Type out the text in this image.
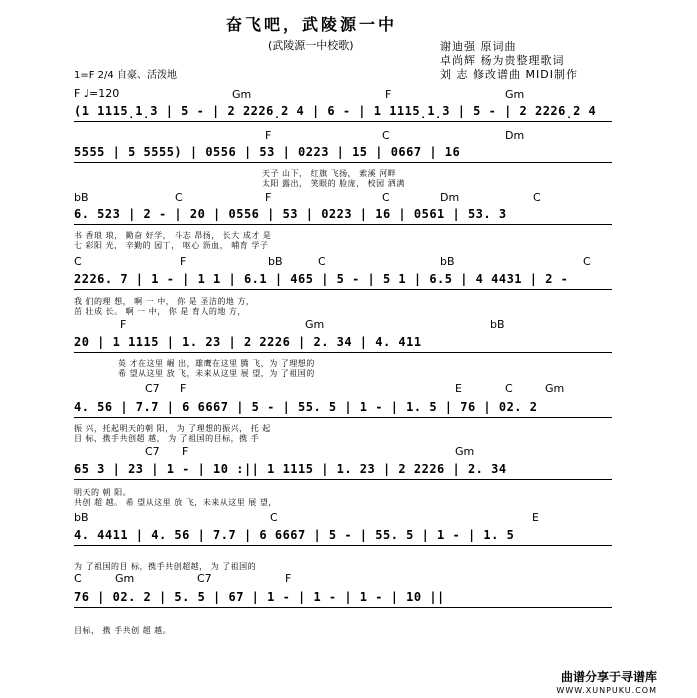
奋飞吧，武陵源一中
(武陵源一中校歌)	谢迪强 原词曲
卓尚辉 杨为贵整理歌词
刘 志 修改谱曲 MIDI制作
1=F 2/4 自豪、活泼地
F ♩=120	Gm	F	Gm
(1 1115̣1̣3 | 5 - | 2 2226̣2 4 | 6 - | 1 1115̣1̣3 | 5 - | 2 2226̣2 4
F	C	Dm
5555 | 5 5555) | 0556 | 53 | 0223 | 15 | 0667 | 16
天子 山下， 红旗 飞扬， 索溪 河畔
太阳 露出， 笑眼的 脸庞， 校园 洒满
bB	C	F	C	Dm	C
6. 523 | 2 - | 20 | 0556 | 53 | 0223 | 16 | 0561 | 53. 3
书 香琅 琅， 勤奋 好学， 斗志 昂扬， 长大 成才 是
七 彩阳 光， 辛勤的 园丁， 呕心 沥血， 哺育 学子
C	F	bB	C	bB	C
2226. 7 | 1 - | 1 1 | 6.1 | 465 | 5 - | 5 1 | 6.5 | 4 4431 | 2 -
我 们的理 想， 啊 一 中， 你 是 圣洁的地 方，
茁 壮成 长。 啊 一 中， 你 是 育人的地 方，
F	Gm	bB
20 | 1 1115 | 1. 23 | 2 2226 | 2. 34 | 4. 411
英 才在这里 崛 出，雄鹰在这里 腾 飞，为 了理想的
希 望从这里 放 飞，未来从这里 展 望，为 了祖国的
C7 F	E	C	Gm
4. 56 | 7.7 | 6 6667 | 5 - | 55. 5 | 1 - | 1. 5 | 76 | 02. 2
振 兴，托起明天的朝 阳， 为 了理想的振兴， 托 起
目 标，携手共创超 越， 为 了祖国的目标，携 手
C7 F	Gm
65 3 | 23 | 1 - | 10 :|| 1 1115 | 1. 23 | 2 2226 | 2. 34
明天的 朝 阳。
共创 超 越。 希 望从这里 放 飞，未来从这里 展 望，
bB	C	E
4. 4411 | 4. 56 | 7.7 | 6 6667 | 5 - | 55. 5 | 1 - | 1. 5
为 了祖国的目 标，携手共创超越， 为 了祖国的
C	Gm	C7	F
76 | 02. 2 | 5. 5 | 67 | 1 - | 1 - | 1 - | 10 ||
目标， 携 手共创 超 越。
曲谱分享于寻谱库
WWW.XUNPUKU.COM
